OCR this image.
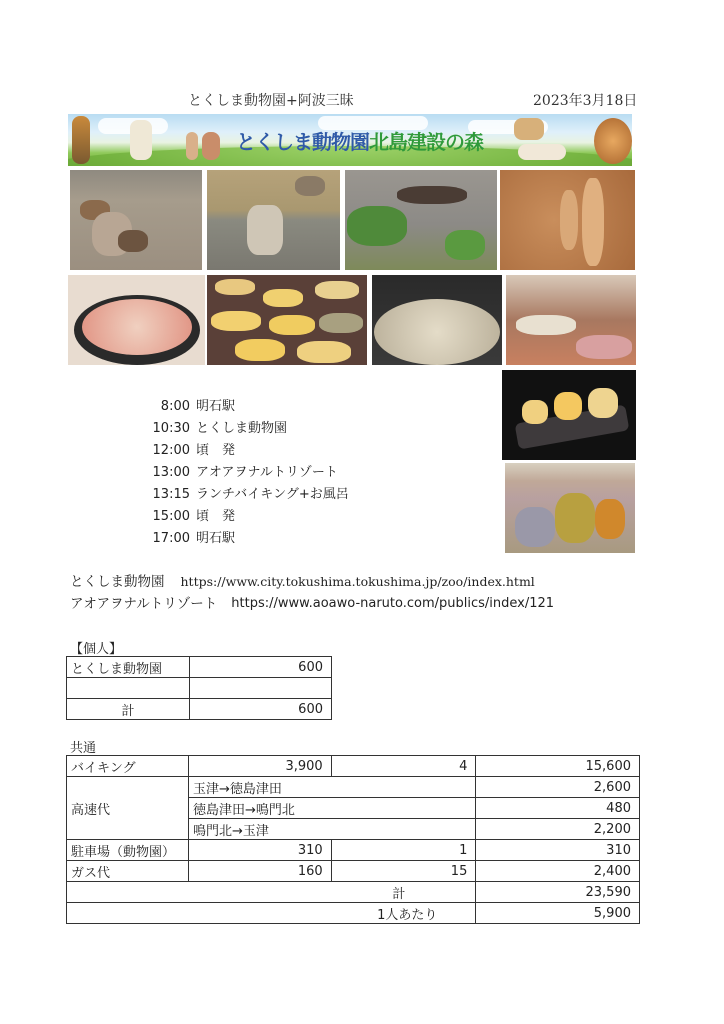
とくしま動物園+阿波三昧	2023年3月18日
とくしま動物園北島建設の森
8:00 明石駅
10:30 とくしま動物園
12:00 頃　発
13:00 アオアヲナルトリゾート
13:15 ランチバイキング+お風呂
15:00 頃　発
17:00 明石駅
とくしま動物園 https://www.city.tokushima.tokushima.jp/zoo/index.html
アオアヲナルトリゾート https://www.aoawo-naruto.com/publics/index/121
【個人】
とくしま動物園	600

計	600
共通
バイキング	3,900	4	15,600
高速代	玉津→徳島津田		2,600
	徳島津田→鳴門北		480
	鳴門北→玉津		2,200
駐車場（動物園）	310	1	310
ガス代	160	15	2,400
計			23,590
1人あたり			5,900
